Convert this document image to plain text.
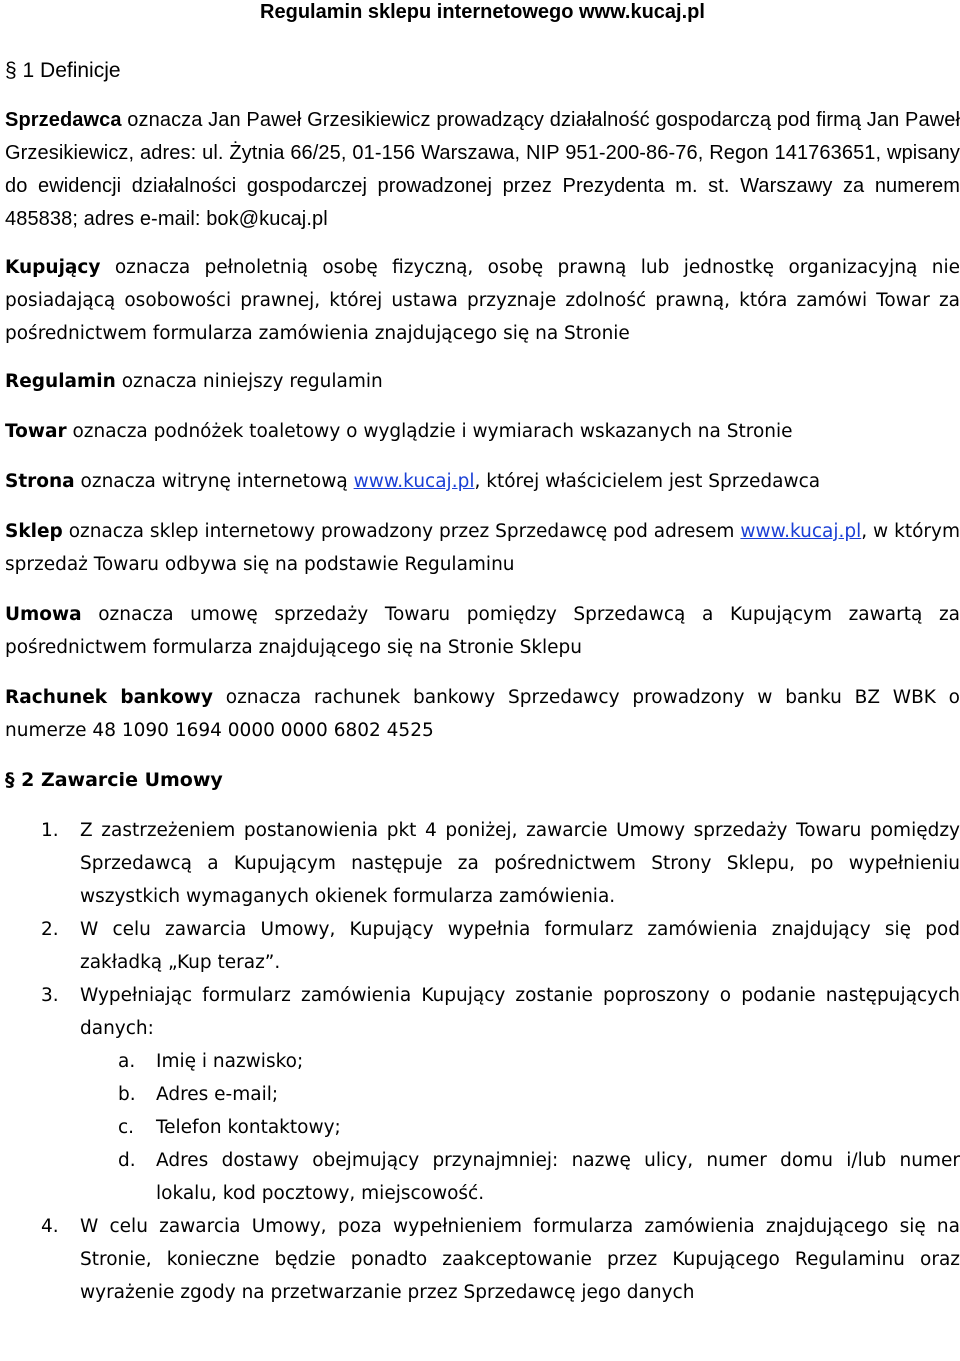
Regulamin sklepu internetowego www.kucaj.pl

§ 1 Definicje

Sprzedawca oznacza Jan Paweł Grzesikiewicz prowadzący działalność gospodarczą pod firmą Jan Paweł Grzesikiewicz, adres: ul. Żytnia 66/25, 01-156 Warszawa, NIP 951-200-86-76, Regon 141763651, wpisany do ewidencji działalności gospodarczej prowadzonej przez Prezydenta m. st. Warszawy za numerem 485838; adres e-mail: bok@kucaj.pl

Kupujący oznacza pełnoletnią osobę fizyczną, osobę prawną lub jednostkę organizacyjną nie posiadającą osobowości prawnej, której ustawa przyznaje zdolność prawną, która zamówi Towar za pośrednictwem formularza zamówienia znajdującego się na Stronie

Regulamin oznacza niniejszy regulamin

Towar oznacza podnóżek toaletowy o wyglądzie i wymiarach wskazanych na Stronie

Strona oznacza witrynę internetową www.kucaj.pl, której właścicielem jest Sprzedawca

Sklep oznacza sklep internetowy prowadzony przez Sprzedawcę pod adresem www.kucaj.pl, w którym sprzedaż Towaru odbywa się na podstawie Regulaminu

Umowa oznacza umowę sprzedaży Towaru pomiędzy Sprzedawcą a Kupującym zawartą za pośrednictwem formularza znajdującego się na Stronie Sklepu

Rachunek bankowy oznacza rachunek bankowy Sprzedawcy prowadzony w banku BZ WBK o numerze 48 1090 1694 0000 0000 6802 4525

§ 2 Zawarcie Umowy

1. Z zastrzeżeniem postanowienia pkt 4 poniżej, zawarcie Umowy sprzedaży Towaru pomiędzy Sprzedawcą a Kupującym następuje za pośrednictwem Strony Sklepu, po wypełnieniu wszystkich wymaganych okienek formularza zamówienia.

2. W celu zawarcia Umowy, Kupujący wypełnia formularz zamówienia znajdujący się pod zakładką „Kup teraz”.

3. Wypełniając formularz zamówienia Kupujący zostanie poproszony o podanie następujących danych:

a. Imię i nazwisko;

b. Adres e-mail;

c. Telefon kontaktowy;

d. Adres dostawy obejmujący przynajmniej: nazwę ulicy, numer domu i/lub numer lokalu, kod pocztowy, miejscowość.

4. W celu zawarcia Umowy, poza wypełnieniem formularza zamówienia znajdującego się na Stronie, konieczne będzie ponadto zaakceptowanie przez Kupującego Regulaminu oraz wyrażenie zgody na przetwarzanie przez Sprzedawcę jego danych
